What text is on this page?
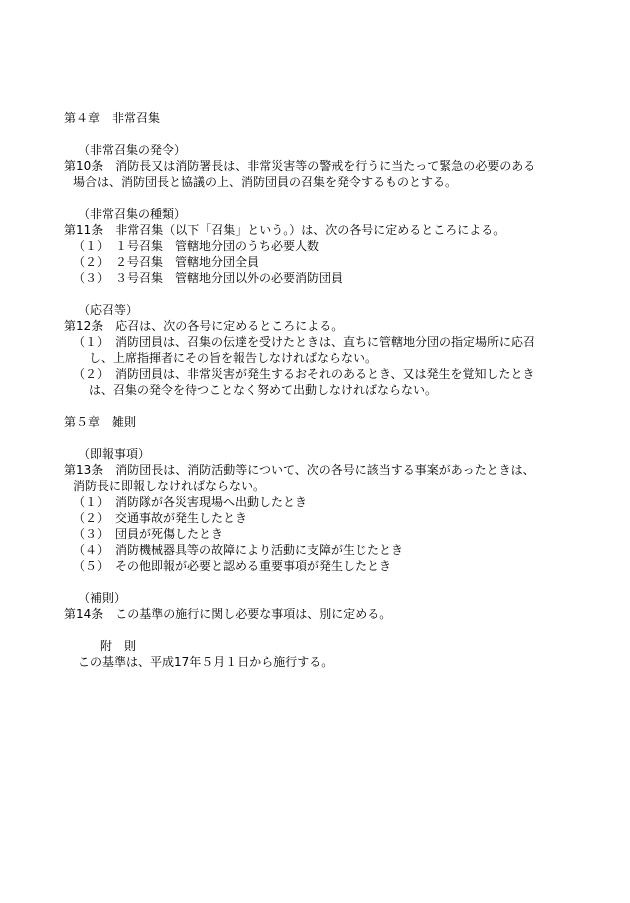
第４章　非常召集
（非常召集の発令）
第10条　消防長又は消防署長は、非常災害等の警戒を行うに当たって緊急の必要のある
場合は、消防団長と協議の上、消防団員の召集を発令するものとする。
（非常召集の種類）
第11条　非常召集（以下「召集」という。）は、次の各号に定めるところによる。
（１）　１号召集　管轄地分団のうち必要人数
（２）　２号召集　管轄地分団全員
（３）　３号召集　管轄地分団以外の必要消防団員
（応召等）
第12条　応召は、次の各号に定めるところによる。
（１）　消防団員は、召集の伝達を受けたときは、直ちに管轄地分団の指定場所に応召
し、上席指揮者にその旨を報告しなければならない。
（２）　消防団員は、非常災害が発生するおそれのあるとき、又は発生を覚知したとき
は、召集の発令を待つことなく努めて出動しなければならない。
第５章　雑則
（即報事項）
第13条　消防団長は、消防活動等について、次の各号に該当する事案があったときは、
消防長に即報しなければならない。
（１）　消防隊が各災害現場へ出動したとき
（２）　交通事故が発生したとき
（３）　団員が死傷したとき
（４）　消防機械器具等の故障により活動に支障が生じたとき
（５）　その他即報が必要と認める重要事項が発生したとき
（補則）
第14条　この基準の施行に関し必要な事項は、別に定める。
附　則
この基準は、平成17年５月１日から施行する。
